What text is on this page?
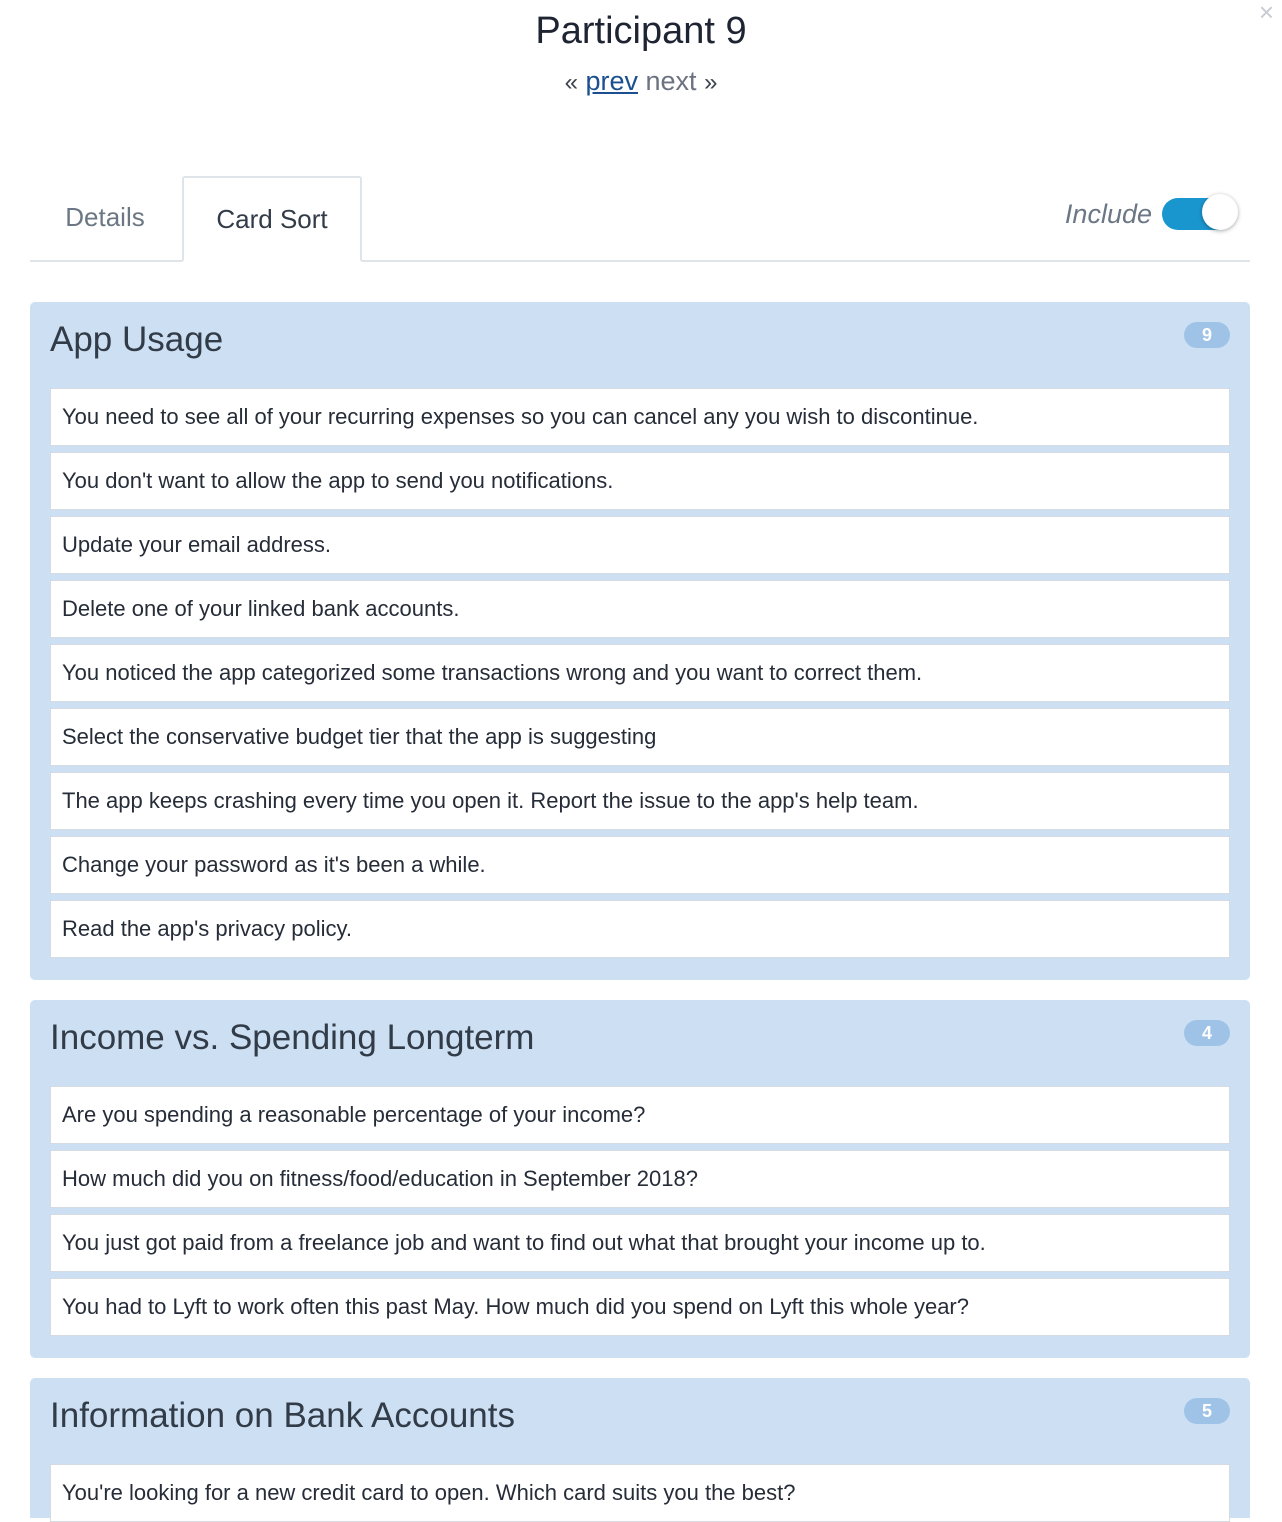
×
Participant 9
« prev next »
Details	Card Sort	Include
App Usage	9
You need to see all of your recurring expenses so you can cancel any you wish to discontinue.
You don't want to allow the app to send you notifications.
Update your email address.
Delete one of your linked bank accounts.
You noticed the app categorized some transactions wrong and you want to correct them.
Select the conservative budget tier that the app is suggesting
The app keeps crashing every time you open it. Report the issue to the app's help team.
Change your password as it's been a while.
Read the app's privacy policy.
Income vs. Spending Longterm	4
Are you spending a reasonable percentage of your income?
How much did you on fitness/food/education in September 2018?
You just got paid from a freelance job and want to find out what that brought your income up to.
You had to Lyft to work often this past May. How much did you spend on Lyft this whole year?
Information on Bank Accounts	5
You're looking for a new credit card to open. Which card suits you the best?
